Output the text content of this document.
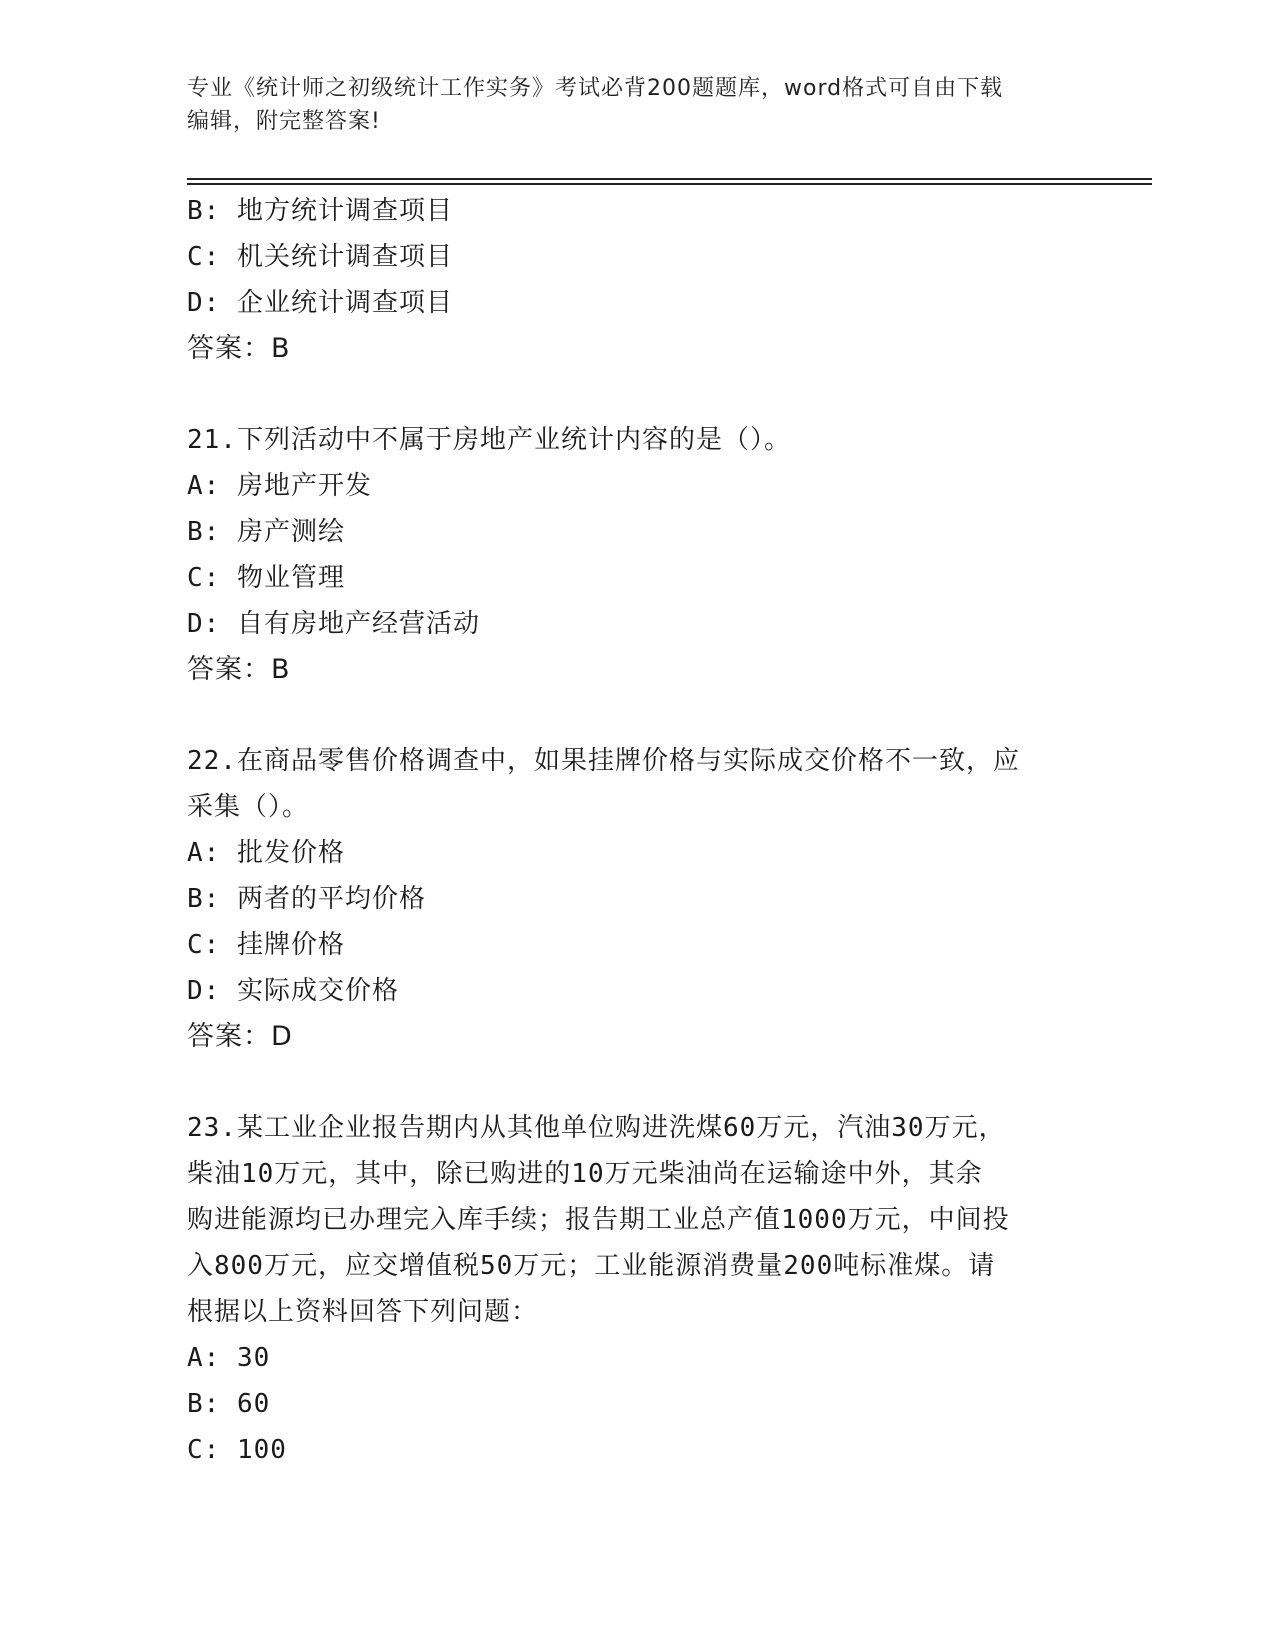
专业《统计师之初级统计工作实务》考试必背200题题库，word格式可自由下载
编辑，附完整答案!
B: 地方统计调查项目
C: 机关统计调查项目
D: 企业统计调查项目
答案：B
21.下列活动中不属于房地产业统计内容的是（）。
A: 房地产开发
B: 房产测绘
C: 物业管理
D: 自有房地产经营活动
答案：B
22.在商品零售价格调查中，如果挂牌价格与实际成交价格不一致，应
采集（）。
A: 批发价格
B: 两者的平均价格
C: 挂牌价格
D: 实际成交价格
答案：D
23.某工业企业报告期内从其他单位购进洗煤60万元，汽油30万元，
柴油10万元，其中，除已购进的10万元柴油尚在运输途中外，其余
购进能源均已办理完入库手续；报告期工业总产值1000万元，中间投
入800万元，应交增值税50万元；工业能源消费量200吨标准煤。请
根据以上资料回答下列问题：
A: 30
B: 60
C: 100
